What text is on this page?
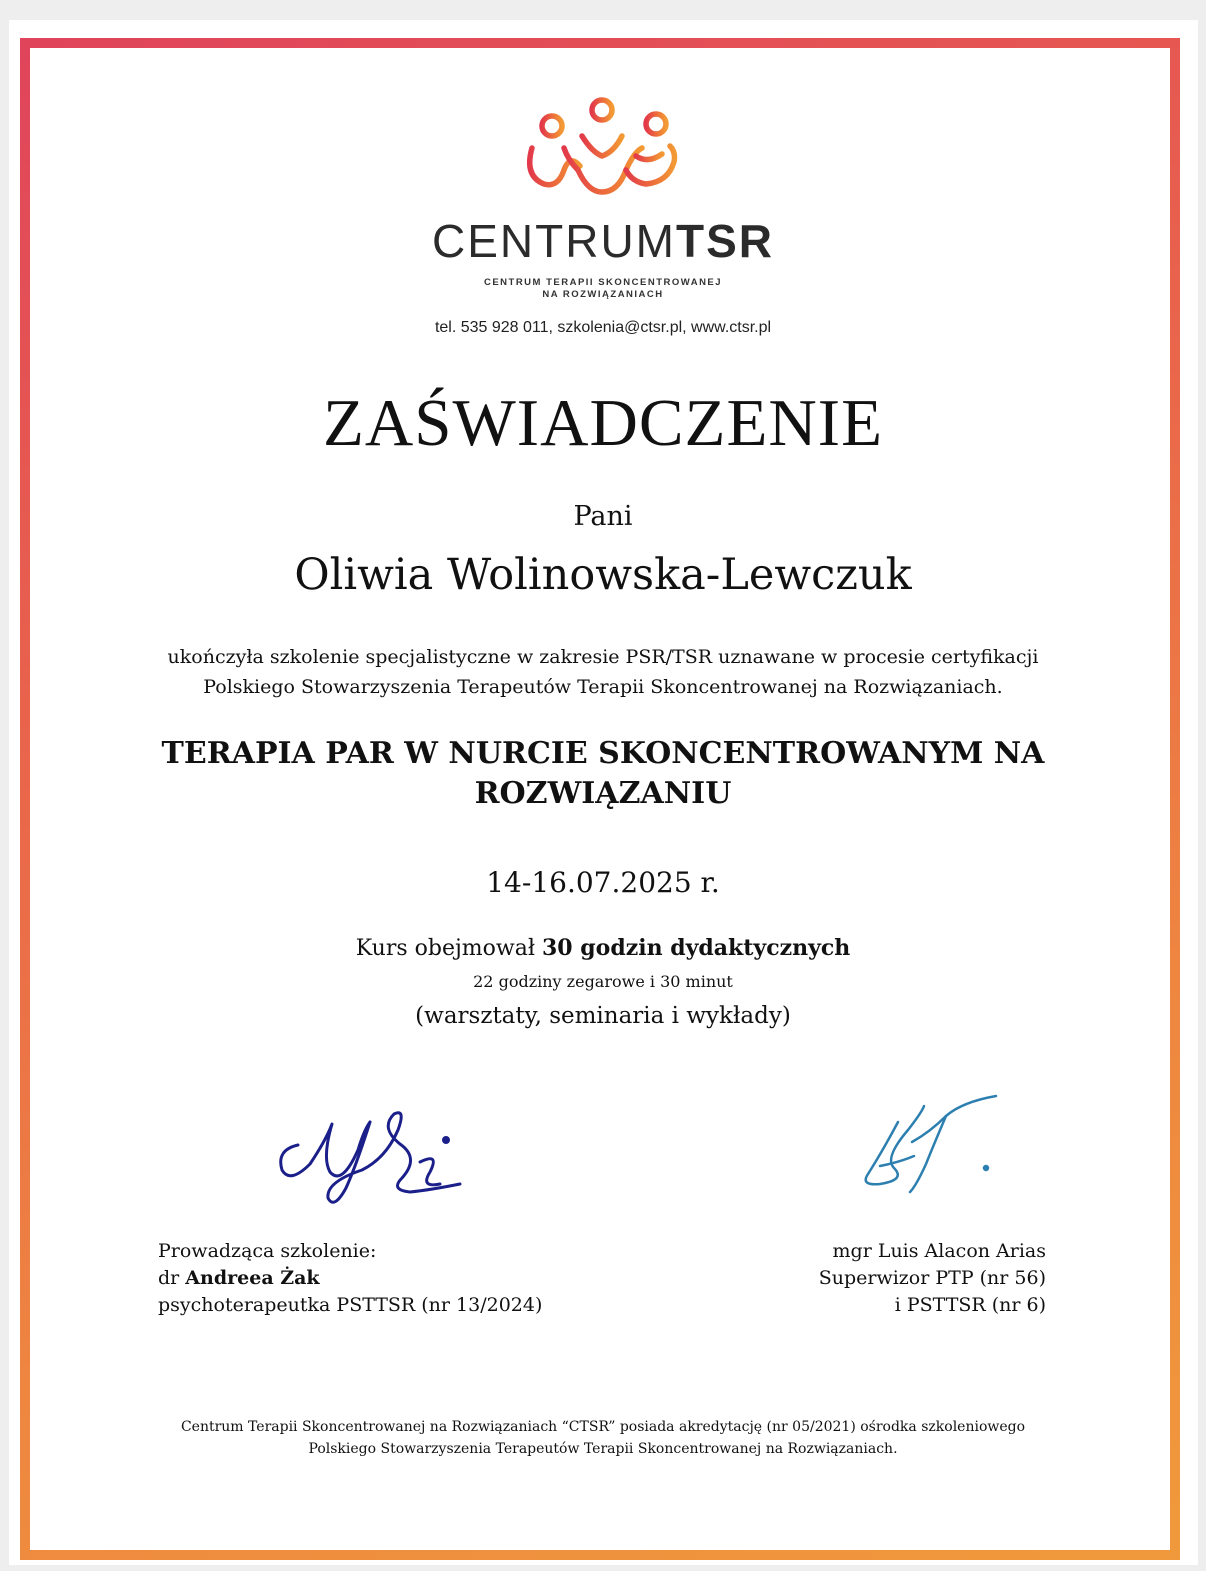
CENTRUMTSR
CENTRUM TERAPII SKONCENTROWANEJ
NA ROZWIĄZANIACH
tel. 535 928 011, szkolenia@ctsr.pl, www.ctsr.pl
ZAŚWIADCZENIE
Pani
Oliwia Wolinowska-Lewczuk
ukończyła szkolenie specjalistyczne w zakresie PSR/TSR uznawane w procesie certyfikacji
Polskiego Stowarzyszenia Terapeutów Terapii Skoncentrowanej na Rozwiązaniach.
TERAPIA PAR W NURCIE SKONCENTROWANYM NA
ROZWIĄZANIU
14-16.07.2025 r.
Kurs obejmował 30 godzin dydaktycznych
22 godziny zegarowe i 30 minut
(warsztaty, seminaria i wykłady)
Prowadząca szkolenie:
dr Andreea Żak
psychoterapeutka PSTTSR (nr 13/2024)
mgr Luis Alacon Arias
Superwizor PTP (nr 56)
i PSTTSR (nr 6)
Centrum Terapii Skoncentrowanej na Rozwiązaniach “CTSR” posiada akredytację (nr 05/2021) ośrodka szkoleniowego
Polskiego Stowarzyszenia Terapeutów Terapii Skoncentrowanej na Rozwiązaniach.
